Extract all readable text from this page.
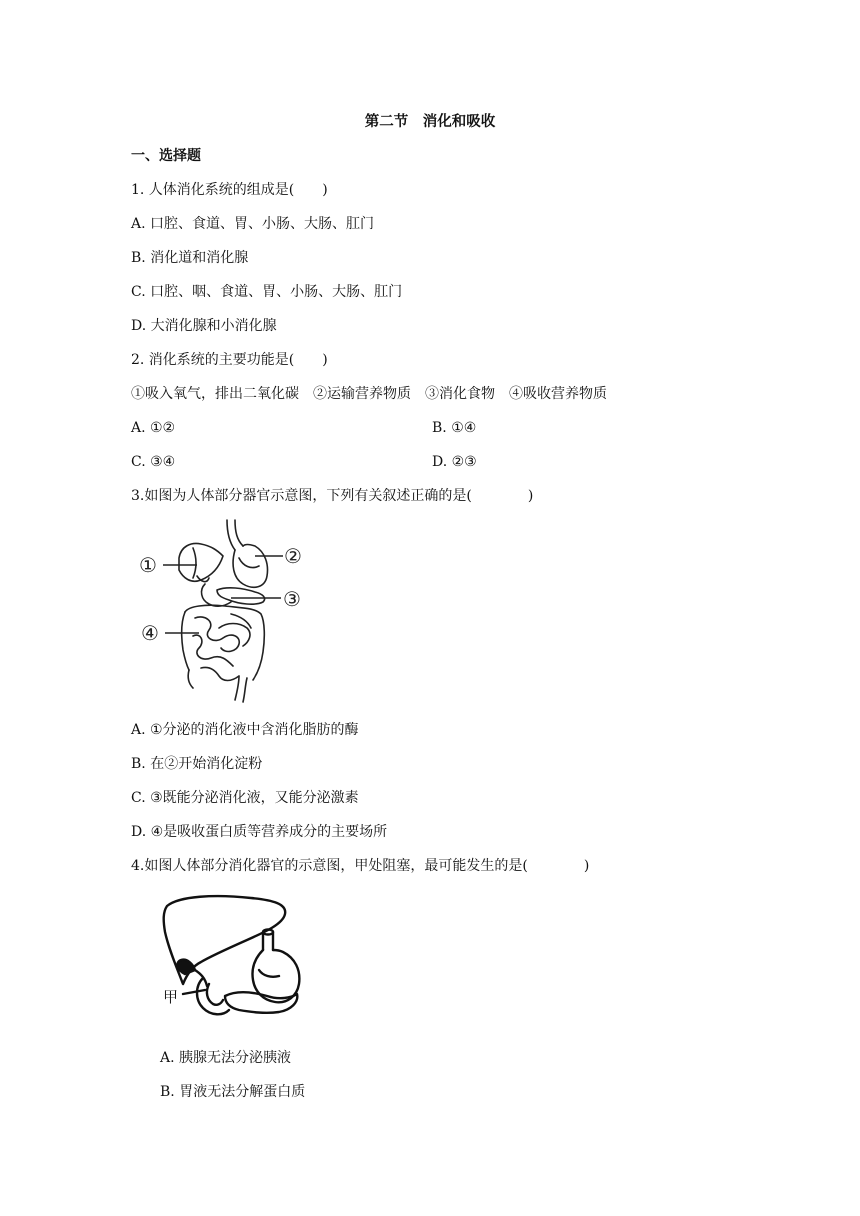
第二节　消化和吸收
一、选择题
1. 人体消化系统的组成是(　　)
A. 口腔、食道、胃、小肠、大肠、肛门
B. 消化道和消化腺
C. 口腔、咽、食道、胃、小肠、大肠、肛门
D. 大消化腺和小消化腺
2. 消化系统的主要功能是(　　)
①吸入氧气，排出二氧化碳　②运输营养物质　③消化食物　④吸收营养物质
A. ①②	B. ①④
C. ③④	D. ②③
3.如图为人体部分器官示意图，下列有关叙述正确的是(　　　　)
①	②
③
④
A. ①分泌的消化液中含消化脂肪的酶
B. 在②开始消化淀粉
C. ③既能分泌消化液，又能分泌激素
D. ④是吸收蛋白质等营养成分的主要场所
4.如图人体部分消化器官的示意图，甲处阻塞，最可能发生的是(　　　　)
甲
A. 胰腺无法分泌胰液
B. 胃液无法分解蛋白质
